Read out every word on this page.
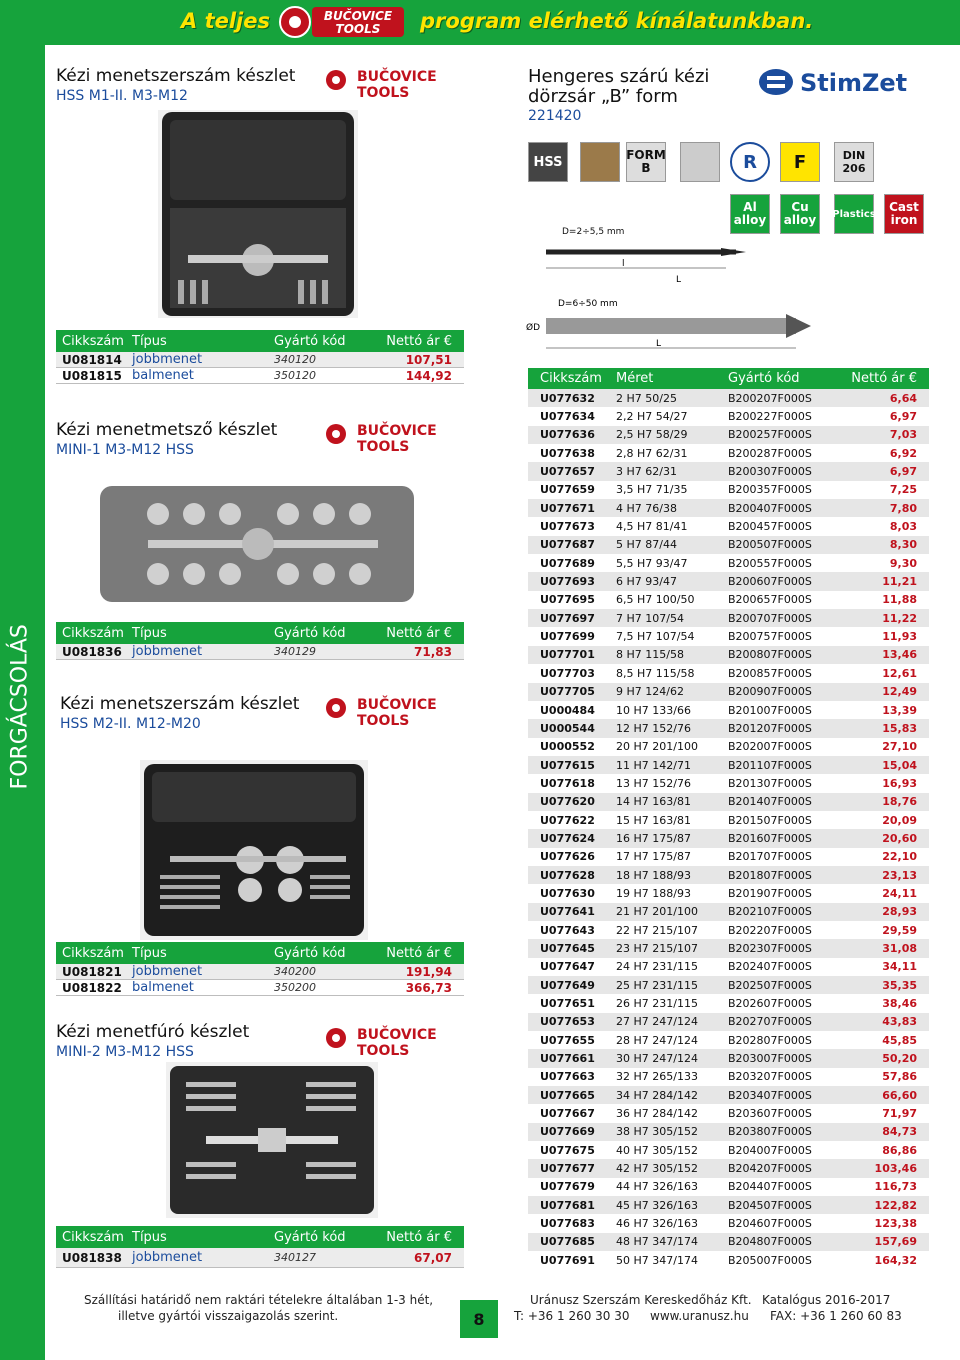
A teljes	BUČOVICE
TOOLS program elérhető kínálatunkban.
FORGÁCSOLÁS
Kézi menetszerszám készlet
HSS M1-II. M3-M12
BUČOVICE
TOOLS
Cikkszám Típus	Gyártó kód	Nettó ár €
U081814 jobbmenet	340120	107,51
U081815 balmenet	350120	144,92
Kézi menetmetsző készlet
MINI-1 M3-M12 HSS
BUČOVICE
TOOLS
Cikkszám Típus	Gyártó kód	Nettó ár €
U081836 jobbmenet	340129	71,83
Kézi menetszerszám készlet
HSS M2-II. M12-M20
BUČOVICE
TOOLS
Cikkszám Típus	Gyártó kód	Nettó ár €
U081821 jobbmenet	340200	191,94
U081822 balmenet	350200	366,73
Kézi menetfúró készlet
MINI-2 M3-M12 HSS
BUČOVICE
TOOLS
Cikkszám Típus	Gyártó kód	Nettó ár €
U081838 jobbmenet	340127	67,07
Hengeres szárú kézi
dörzsár „B” form
221420
StimZet
HSS	FORM B	R	F	DIN 206
Al alloy
Cu alloy	Plastics	Cast iron
D=2÷5,5 mm
l
L
D=6÷50 mm
ØD
L
Cikkszám	Méret	Gyártó kód	Nettó ár €
U077632	2 H7 50/25	B200207F000S	6,64
U077634	2,2 H7 54/27	B200227F000S	6,97
U077636	2,5 H7 58/29	B200257F000S	7,03
U077638	2,8 H7 62/31	B200287F000S	6,92
U077657	3 H7 62/31	B200307F000S	6,97
U077659	3,5 H7 71/35	B200357F000S	7,25
U077671	4 H7 76/38	B200407F000S	7,80
U077673	4,5 H7 81/41	B200457F000S	8,03
U077687	5 H7 87/44	B200507F000S	8,30
U077689	5,5 H7 93/47	B200557F000S	9,30
U077693	6 H7 93/47	B200607F000S	11,21
U077695	6,5 H7 100/50	B200657F000S	11,88
U077697	7 H7 107/54	B200707F000S	11,22
U077699	7,5 H7 107/54	B200757F000S	11,93
U077701	8 H7 115/58	B200807F000S	13,46
U077703	8,5 H7 115/58	B200857F000S	12,61
U077705	9 H7 124/62	B200907F000S	12,49
U000484	10 H7 133/66	B201007F000S	13,39
U000544	12 H7 152/76	B201207F000S	15,83
U000552	20 H7 201/100	B202007F000S	27,10
U077615	11 H7 142/71	B201107F000S	15,04
U077618	13 H7 152/76	B201307F000S	16,93
U077620	14 H7 163/81	B201407F000S	18,76
U077622	15 H7 163/81	B201507F000S	20,09
U077624	16 H7 175/87	B201607F000S	20,60
U077626	17 H7 175/87	B201707F000S	22,10
U077628	18 H7 188/93	B201807F000S	23,13
U077630	19 H7 188/93	B201907F000S	24,11
U077641	21 H7 201/100	B202107F000S	28,93
U077643	22 H7 215/107	B202207F000S	29,59
U077645	23 H7 215/107	B202307F000S	31,08
U077647	24 H7 231/115	B202407F000S	34,11
U077649	25 H7 231/115	B202507F000S	35,35
U077651	26 H7 231/115	B202607F000S	38,46
U077653	27 H7 247/124	B202707F000S	43,83
U077655	28 H7 247/124	B202807F000S	45,85
U077661	30 H7 247/124	B203007F000S	50,20
U077663	32 H7 265/133	B203207F000S	57,86
U077665	34 H7 284/142	B203407F000S	66,60
U077667	36 H7 284/142	B203607F000S	71,97
U077669	38 H7 305/152	B203807F000S	84,73
U077675	40 H7 305/152	B204007F000S	86,86
U077677	42 H7 305/152	B204207F000S	103,46
U077679	44 H7 326/163	B204407F000S	116,73
U077681	45 H7 326/163	B204507F000S	122,82
U077683	46 H7 326/163	B204607F000S	123,38
U077685	48 H7 347/174	B204807F000S	157,69
U077691	50 H7 347/174	B205007F000S	164,32
Szállítási határidő nem raktári tételekre általában 1-3 hét,
illetve gyártói visszaigazolás szerint.	8
Uránusz Szerszám Kereskedőház Kft. Katalógus 2016-2017
T: +36 1 260 30 30 www.uranusz.hu FAX: +36 1 260 60 83
